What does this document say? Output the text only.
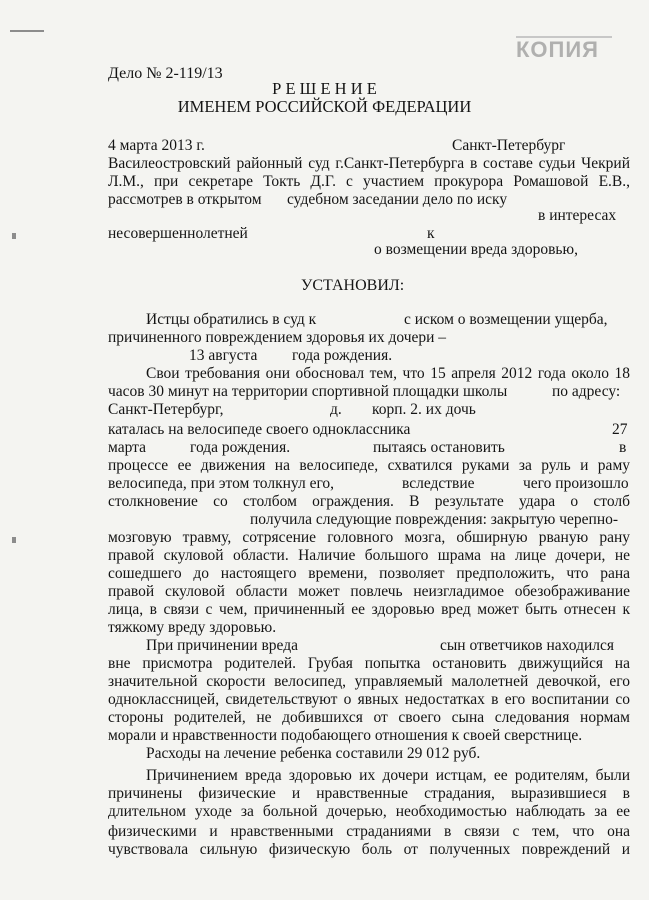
КОПИЯ
Дело № 2-119/13
Р Е Ш Е Н И Е
ИМЕНЕМ РОССИЙСКОЙ ФЕДЕРАЦИИ
4 марта 2013 г.	Санкт-Петербург
Василеостровский районный суд г.Санкт-Петербурга в составе судьи Чекрий
Л.М., при секретаре Токть Д.Г. с участием прокурора Ромашовой Е.В.,
рассмотрев в открытом судебном заседании дело по иску
в интересах
несовершеннолетней	к
о возмещении вреда здоровью,
УСТАНОВИЛ:
Истцы обратились в суд к	с иском о возмещении ущерба,
причиненного повреждением здоровья их дочери –
13 августа года рождения.
Свои требования они обосновал тем, что 15 апреля 2012 года около 18
часов 30 минут на территории спортивной площадки школы	по адресу:
Санкт-Петербург,	д. корп. 2. их дочь
каталась на велосипеде своего одноклассника	27
марта	года рождения.	пытаясь остановить	в
процессе ее движения на велосипеде, схватился руками за руль и раму
велосипеда, при этом толкнул его,	вследствие	чего произошло
столкновение со столбом ограждения. В результате удара о столб
получила следующие повреждения: закрытую черепно-
мозговую травму, сотрясение головного мозга, обширную рваную рану
правой скуловой области. Наличие большого шрама на лице дочери, не
сошедшего до настоящего времени, позволяет предположить, что рана
правой скуловой области может повлечь неизгладимое обезображивание
лица, в связи с чем, причиненный ее здоровью вред может быть отнесен к
тяжкому вреду здоровью.
При причинении вреда	сын ответчиков находился
вне присмотра родителей. Грубая попытка остановить движущийся на
значительной скорости велосипед, управляемый малолетней девочкой, его
одноклассницей, свидетельствуют о явных недостатках в его воспитании со
стороны родителей, не добившихся от своего сына следования нормам
морали и нравственности подобающего отношения к своей сверстнице.
Расходы на лечение ребенка составили 29 012 руб.
Причинением вреда здоровью их дочери истцам, ее родителям, были
причинены физические и нравственные страдания, выразившиеся в
длительном уходе за больной дочерью, необходимостью наблюдать за ее
физическими и нравственными страданиями в связи с тем, что она
чувствовала сильную физическую боль от полученных повреждений и
